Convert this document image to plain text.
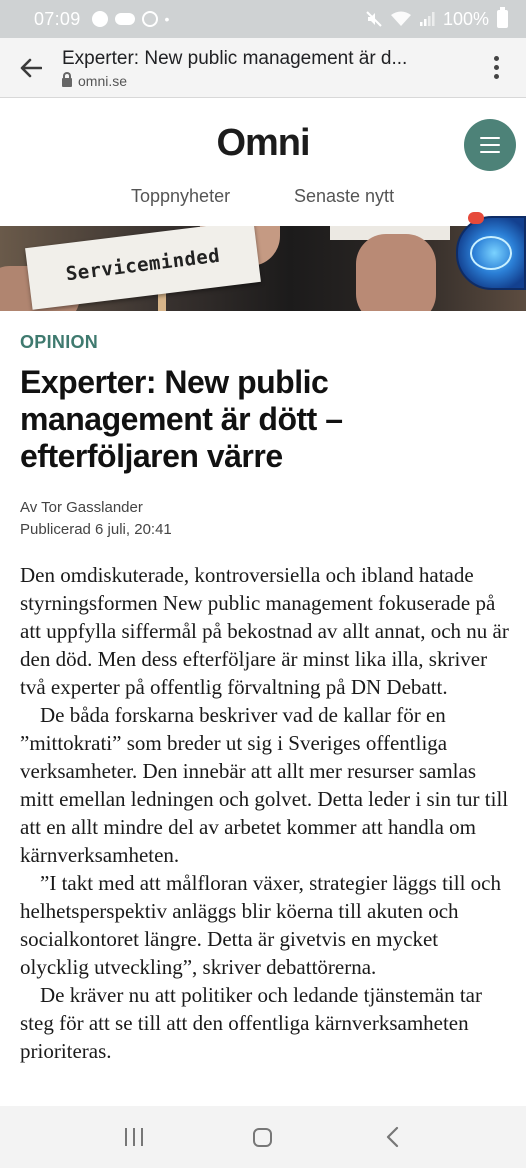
07:09	•	100%
Experter: New public management är d...
omni.se
Omni
Toppnyheter	Senaste nytt
Serviceminded
OPINION
Experter: New public management är dött – efterföljaren värre
Av Tor Gasslander
Publicerad 6 juli, 20:41

Den omdiskuterade, kontroversiella och ibland hatade styrningsformen New public management fokuserade på att uppfylla siffermål på bekostnad av allt annat, och nu är den död. Men dess efterföljare är minst lika illa, skriver två experter på offentlig förvaltning på DN Debatt.

De båda forskarna beskriver vad de kallar för en ”mittokrati” som breder ut sig i Sveriges offentliga verksamheter. Den innebär att allt mer resurser samlas mitt emellan ledningen och golvet. Detta leder i sin tur till att en allt mindre del av arbetet kommer att handla om kärnverksamheten.

”I takt med att målfloran växer, strategier läggs till och helhetsperspektiv anläggs blir köerna till akuten och socialkontoret längre. Detta är givetvis en mycket olycklig utveckling”, skriver debattörerna.

De kräver nu att politiker och ledande tjänstemän tar steg för att se till att den offentliga kärnverksamheten prioriteras.
